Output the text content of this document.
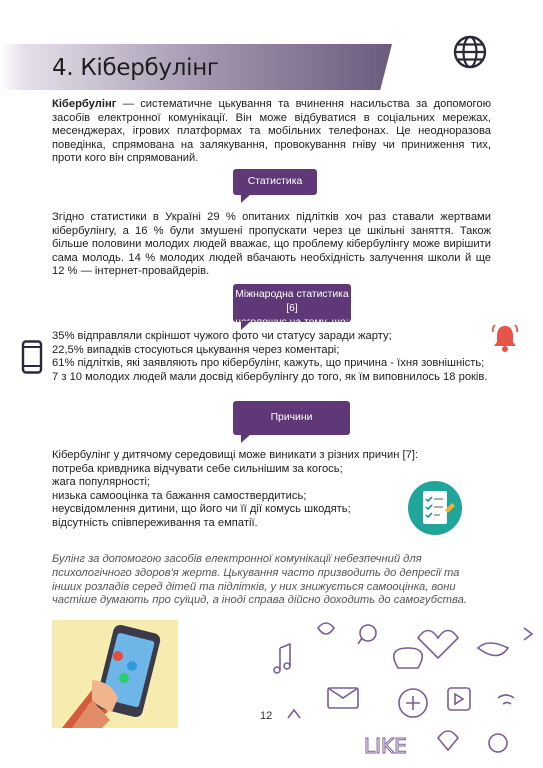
4. Кібербулінг

Кібербулінг — систематичне цькування та вчинення насильства за допомогою засобів електронної комунікації. Він може відбуватися в соціальних мережах, месенджерах, ігрових платформах та мобільних телефонах. Це неодноразова поведінка, спрямована на залякування, провокування гніву чи приниження тих, проти кого він спрямований.

Статистика

Згідно статистики в Україні 29 % опитаних підлітків хоч раз ставали жертвами кібербулінгу, а 16 % були змушені пропускати через це шкільні заняття. Також більше половини молодих людей вважає, що проблему кібербулінгу може вирішити сама молодь. 14 % молодих людей вбачають необхідність залучення школи й ще 12 % — інтернет-провайдерів.

Міжнародна статистика [6]
наголошує на тому, що:
35% відправляли скріншот чужого фото чи статусу заради жарту;
22,5% випадків стосуються цькування через коментарі;
61% підлітків, які заявляють про кібербулінг, кажуть, що причина - їхня зовнішність;
7 з 10 молодих людей мали досвід кібербулінгу до того, як їм виповнилось 18 років.
Причини
Кібербулінг у дитячому середовищі може виникати з різних причин [7]:
потреба кривдника відчувати себе сильнішим за когось;
жага популярності;
низька самооцінка та бажання самоствердитись;
неусвідомлення дитини, що його чи її дії комусь шкодять;
відсутність співпереживання та емпатії.

Булінг за допомогою засобів електронної комунікації небезпечний для психологічного здоров'я жертв. Цькування часто призводить до депресії та інших розладів серед дітей та підлітків, у них знижується самооцінка, вони частіше думають про суїцид, а іноді справа дійсно доходить до самогубства.

12
LIKE
